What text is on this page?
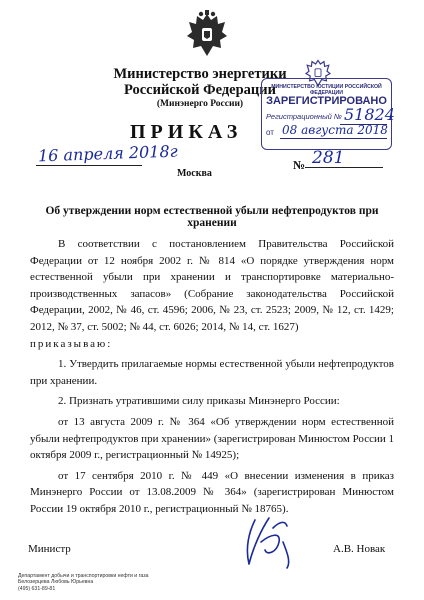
Министерство энергетики
Российской Федерации
(Минэнерго России)
ПРИКАЗ
МИНИСТЕРСТВО ЮСТИЦИИ РОССИЙСКОЙ ФЕДЕРАЦИИ
ЗАРЕГИСТРИРОВАНО
Регистрационный № 51824
от 08 августа 2018
16 апреля 2018г	№ 281
Москва
Об утверждении норм естественной убыли нефтепродуктов при хранении

В соответствии с постановлением Правительства Российской Федерации от 12 ноября 2002 г. № 814 «О порядке утверждения норм естественной убыли при хранении и транспортировке материально-производственных запасов» (Собрание законодательства Российской Федерации, 2002, № 46, ст. 4596; 2006, № 23, ст. 2523; 2009, № 12, ст. 1429; 2012, № 37, ст. 5002; № 44, ст. 6026; 2014, № 14, ст. 1627)

приказываю:

1. Утвердить прилагаемые нормы естественной убыли нефтепродуктов при хранении.

2. Признать утратившими силу приказы Минэнерго России:

от 13 августа 2009 г. № 364 «Об утверждении норм естественной убыли нефтепродуктов при хранении» (зарегистрирован Минюстом России 1 октября 2009 г., регистрационный № 14925);

от 17 сентября 2010 г. № 449 «О внесении изменения в приказ Минэнерго России от 13.08.2009 № 364» (зарегистрирован Минюстом России 19 октября 2010 г., регистрационный № 18765).

Министр	А.В. Новак
Департамент добычи и транспортировки нефти и газа
Белозерцева Любовь Юрьевна
(495) 631-89-81
